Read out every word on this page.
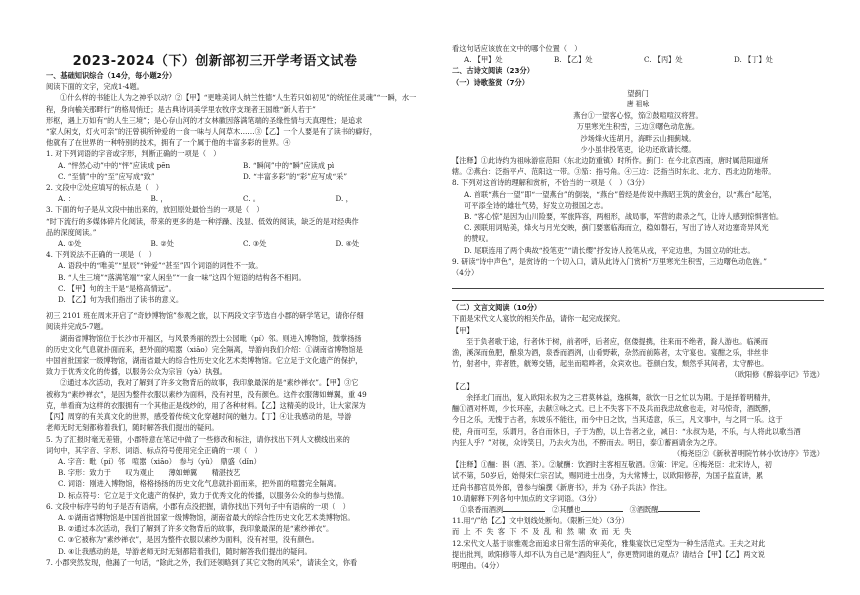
2023-2024（下）创新部初三开学考语文试卷

一、基础知识综合（14分，每小题2分）

阅读下面的文字，完成1-4题。

①什么样的书能让人为之神乎以动？②【甲】“更唯美词人纳兰性德“人生若只如初见”的统怔住灵魂”“一瞬，水一程，身向榆关那畔行”的格局悄迁；是古典诗词美学里农牧序支现者王国维“新人若于”

形枢，遇上万如有“的人生三境”；是心存山河的才女林徽因落满笔端的圣缘性情与天真理性；是追求

“家人闲支，灯火可亲”的汪曾祺所钟爱的一食一味与人间草木……③【乙】一个人要是有了读书的癖好，

他就有了在世界的一种特别的技术，拥有了一个属于他的丰富多彩的世界。④

1. 对下列词语的字音或字形，判断正确的一项是（　）

A. “怦然心动”中的“怦”应读成 pēn	B. “瞬间”中的“瞬”应读成 pì
C. “至情”中的“至”应写成“致”	D. “丰富多彩”的“彩”应写成“采”

2. 文段中②处应填写的标点是（　）

A. ：	B. ，	C. 。	D. ，

3. 下面的句子是从文段中抽出来的，放回原处最恰当的一项是（　）

“时下流行的多媒体碎片化阅读，带来的更多的是一种浮躁、浅显、低效的阅读，缺乏的是对经典作

品的深度阅读。”

A. ①处	B. ②处	C. ③处	D. ④处

4. 下列说法不正确的一项是（　）

A. 语段中的“唯美”“星辰”“钟爱”“甚至”四个词语的词性不一致。

B. “人生三境”“落满笔端”“家人闲坐”“一食一味”这四个短语的结构各不相同。

C. 【甲】句的主干是“是格高情远”。

D. 【乙】句为我们指出了读书的意义。

初三 2101 班在周末开启了“奇妙博物馆”参观之旅，以下两段文字节选自小郡的研学笔记，请你仔细

阅读并完成5-7题。

湖南省博物馆位于长沙市开福区，与风景秀丽的烈士公园毗（pí）邻。则进入博物馆，鼓掌扬扬

的历史文化气息就扑面而来，把外面的喧嚣（xiāo）完全隔离，导游向我们介绍：①湖南省博物馆是

中国首批国家一级博物馆，湖南省最大的综合性历史文化艺术类博物馆。它立足于文化遗产的保护，

致力于优秀文化的传播，以服务公众为宗旨（yà）执强。

②通过本次活动，我对了解到了许多文物背后的故事，我印象最深的是“素纱禅衣”。【甲】③它

被称为“素纱禅衣”，是因为整件衣服以素纱为面料，没有衬里，没有颜色。这件衣服薄如蝉翼，重 49

克，单看商为这样的衣服拥有一个其他正是线纱的，用了各种材料。【乙】这精美的设计，让大家深为

【丙】周穿的有关真文化的世界，感受着传统文化穿越时间的魅力。【丁】④让我感动的是，导游

老师无时无刻都称着我们，随时解答我们提出的疑问。

5. 为了汇报时毫无差错，小郡特意在笔记中做了一些修改和标注，请你找出下列人文横线出来的

词句中，其字音、字形、词语、标点符号使用完全正确的一项（　）

A. 字音：毗（pí）邻　喧嚣（xiāo）　参与（yǔ）　鼎盛（dǐn）

B. 字形：致力于　　叹为观止　　薄如蝉翼　　精湛技艺

C. 词语：刚进入博物馆，格格扬扬的历史文化气息就扑面而来，把外面的喧嚣完全隔离。

D. 标点符号：它立足于文化遗产的保护，致力于优秀文化的传播，以服务公众的参与热情。

6. 文段中标序号的句子是否有语病，小郡有点没把握，请你找出下列句子中有语病的一项（　）

A. ①湖南省博物馆是中国首批国家一级博物馆，湖南省最大的综合性历史文化艺术类博物馆。

B. ②通过本次活动，我们了解到了许多文物背后的故事，我印象最深的是“素纱禅衣”。

C. ③它被称为“素纱禅衣”，是因为整件衣服以素纱为面料，没有衬里，没有颜色。

D. ④让我感动的是，导游老师无时无刻都陪着我们，随时解答我们提出的疑问。

7. 小郡突然发现，他漏了一句话，“除此之外，我们还领略到了其它文物的风采”，请读全文，你看

看这句话应该放在文中的哪个位置（　）

A. 【甲】处	B. 【乙】处	C. 【丙】处	D. 【丁】处

二、古诗文阅读（23分）

（一）诗歌鉴赏（7分）

望蓟门

唐 祖咏

燕台①一望客心惊，笳②鼓喧喧汉将营。

万里寒光生积雪，三边③曙色动危旌。

沙场烽火连胡月，海畔云山拥蓟城。

少小虽非投笔吏，论功还欲请长缨。

【注释】①此诗约为祖咏游宦范阳（东北边防重镇）时所作。蓟门：在今北京西南，唐时属范阳道所

辖。②燕台：泛指平卢、范阳这一带。③笳：指号角。④三边：泛指当时东北、北方、西北边防地带。

8. 下列对这首诗的理解和赏析，不恰当的一项是（　）（3分）

A. 首联“燕台一望”即“一望燕台”的倒装，“燕台”曾经是传说中燕昭王筑的黄金台，以“燕台”起笔，

可平添全诗的雄壮气势，好发立功报国之志。

B. “客心惊”是因为山川险要，军旅阵容，两相形，战局事，军营的肃杀之气，让诗人感到惊惧害怕。

C. 颈联用词贴美，烽火与月光交映，蓟门要塞临海而立，稳如磐石，写出了诗人对边塞奇异风光

的赞叹。

D. 尾联连用了两个典故“投笔吏”“请长缨”抒发诗人投笔从戎，平定边患，为国立功的壮志。

9. 研读“诗中声色”，是赏诗的一个切入口，请从此诗入门赏析“万里寒光生积雪，三边曙色动危旌。”

（4分）

（二）文言文阅读（10分）

下面是宋代文人宴饮的相关作品，请你一起完成探究。

【甲】

至于负者歌于途，行者休于树，前者呼，后者应，伛偻提携，往来而不绝者，滁人游也。临溪而

渔，溪深而鱼肥，酿泉为酒，泉香而酒洌，山肴野蔌，杂然而前陈者，太守宴也。宴酣之乐，非丝非

竹，射者中，弈者胜，觥筹交错，起坐而喧哗者，众宾欢也。苍颜白发，颓然乎其间者，太守醉也。

（欧阳修《醉翁亭记》节选）

【乙】

余择北门而出，复入欧阳永叔为之三君莫林益，逸棋舞，欲饮一日之忙以为期。于是择着明精井，

酾①酒对杯周，少长环座，去献③咏之式。已上不失客下不及兵而我忠故愈也走，对马惊奇，酒既醉，

今日之乐，无愧于古者，东坡乐不能往，而今中日之饮，当其适意，乐三，凡文事中，与之同一乐。这于

使，舟而可至，乐谓月，各自而休日，子于为酌，以上告者之业，减日：“永叔为是，不乐，与人将此以歌当酒

内狂人乎？”对视，众诗笑日，乃去火为出，不醉而去。明日，泰①蓄画请余为之序。

（梅尧臣②《新秋普明院竹林小饮诗序》节选）

【注释】①酾：斟（酒、茶）。②觥酬：饮酒时主客相互敬酒。③策：评定。④梅尧臣：北宋诗人，初

试不第，50岁后，始得宋仁宗召试，赐同进士出身，为大常博士，以欧阳修荐，为国子监直讲，累

迁尚书都官员外郎，曾参与编撰《新唐书》，并为《孙子兵法》作注。

10.请解释下列各句中加点的文字词语。（3分）

①泉香而酒洌	②其醺也	③酒既醒

11.用“/”给【乙】文中划线处断句。（限断三处）（3分）

而 上 不 失 客 下 不 及 乱 和 然 啸 欢 而 无 失

12.宋代文人基于崇雅观念而追求日常生活的审美化，雅集宴饮已定型为一种生活范式。王夫之对此

提出批判，欧阳修等人却不认为自己是“酒肉狂人”，你更赞同谁的观点？请结合【甲】【乙】两文说

明理由。（4分）
